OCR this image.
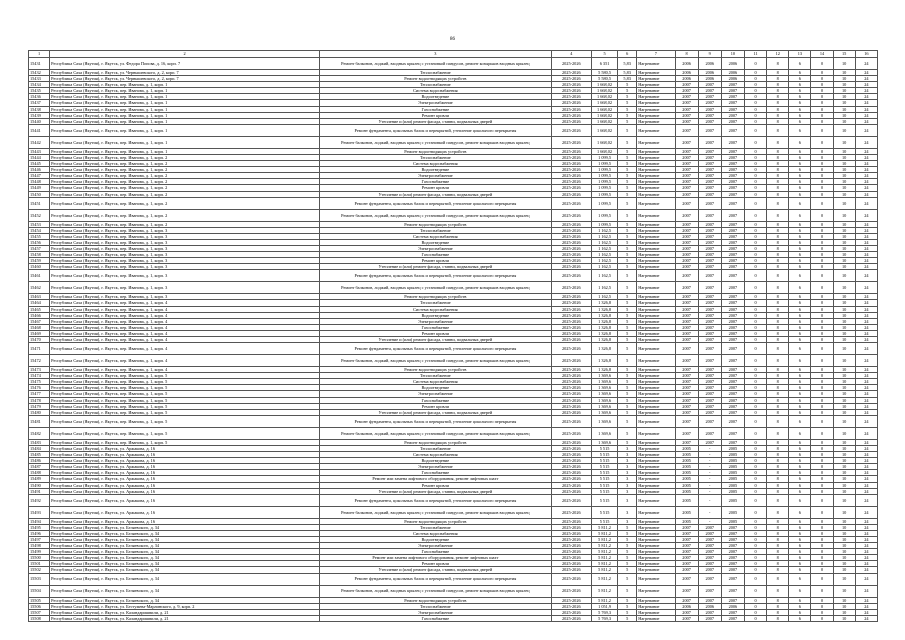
86
1	2	3	4	5	6	7	8	9	10	11	12	13	14	15	16
15431	Республика Саха (Якутия), г. Якутск, ул. Федора Попова, д. 16, корп. 7	Ремонт балконов, лоджий, входных крылец с установкой пандусов, ремонт козырьков входных крылец	2025-2026	6 351	5,83	Нагревание	2006	2006	2006	0	8	6	0	10	24
15432	Республика Саха (Якутия), г. Якутск, ул. Чернышевского, д. 2, корп. 7	Теплоснабжение	2025-2026	5 580,5	5,83	Нагревание	2006	2006	2006	0	8	6	0	10	24
15433	Республика Саха (Якутия), г. Якутск, ул. Чернышевского, д. 2, корп. 7	Ремонт водоотводящих устройств	2025-2026	5 580,5	5,83	Нагревание	2006	2006	2006	0	8	6	0	10	24
15434	Республика Саха (Якутия), г. Якутск, пер. Иванова, д. 1, корп. 1	Теплоснабжение	2025-2026	1 668,02	5	Нагревание	2007	2007	2007	0	8	6	0	10	24
15435	Республика Саха (Якутия), г. Якутск, пер. Иванова, д. 1, корп. 1	Система водоснабжения	2025-2026	1 668,02	5	Нагревание	2007	2007	2007	0	8	6	0	10	24
15436	Республика Саха (Якутия), г. Якутск, пер. Иванова, д. 1, корп. 1	Водоотведение	2025-2026	1 668,02	5	Нагревание	2007	2007	2007	0	8	6	0	10	24
15437	Республика Саха (Якутия), г. Якутск, пер. Иванова, д. 1, корп. 1	Электроснабжение	2025-2026	1 668,02	5	Нагревание	2007	2007	2007	0	8	6	0	10	24
15438	Республика Саха (Якутия), г. Якутск, пер. Иванова, д. 1, корп. 1	Газоснабжение	2025-2026	1 668,02	5	Нагревание	2007	2007	2007	0	8	6	0	10	24
15439	Республика Саха (Якутия), г. Якутск, пер. Иванова, д. 1, корп. 1	Ремонт кровли	2025-2026	1 668,02	5	Нагревание	2007	2007	2007	0	8	6	0	10	24
15440	Республика Саха (Якутия), г. Якутск, пер. Иванова, д. 1, корп. 1	Утепление и (или) ремонт фасада, ставни, подвальных дверей	2025-2026	1 668,02	5	Нагревание	2007	2007	2007	0	8	6	0	10	24
15441	Республика Саха (Якутия), г. Якутск, пер. Иванова, д. 1, корп. 1	Ремонт фундамента, цокольных балок и перекрытий, утепление цокольного перекрытия	2025-2026	1 668,02	5	Нагревание	2007	2007	2007	0	8	6	0	10	24
15442	Республика Саха (Якутия), г. Якутск, пер. Иванова, д. 1, корп. 1	Ремонт балконов, лоджий, входных крылец с установкой пандусов, ремонт козырьков входных крылец	2025-2026	1 668,02	5	Нагревание	2007	2007	2007	0	8	6	0	10	24
15443	Республика Саха (Якутия), г. Якутск, пер. Иванова, д. 1, корп. 1	Ремонт водоотводящих устройств	2025-2026	1 668,02	5	Нагревание	2007	2007	2007	0	8	6	0	10	24
15444	Республика Саха (Якутия), г. Якутск, пер. Иванова, д. 1, корп. 2	Теплоснабжение	2025-2026	1 099,5	5	Нагревание	2007	2007	2007	0	8	6	0	10	24
15445	Республика Саха (Якутия), г. Якутск, пер. Иванова, д. 1, корп. 2	Система водоснабжения	2025-2026	1 099,5	5	Нагревание	2007	2007	2007	0	8	6	0	10	24
15446	Республика Саха (Якутия), г. Якутск, пер. Иванова, д. 1, корп. 2	Водоотведение	2025-2026	1 099,5	5	Нагревание	2007	2007	2007	0	8	6	0	10	24
15447	Республика Саха (Якутия), г. Якутск, пер. Иванова, д. 1, корп. 2	Электроснабжение	2025-2026	1 099,5	5	Нагревание	2007	2007	2007	0	8	6	0	10	24
15448	Республика Саха (Якутия), г. Якутск, пер. Иванова, д. 1, корп. 2	Газоснабжение	2025-2026	1 099,5	5	Нагревание	2007	2007	2007	0	8	6	0	10	24
15449	Республика Саха (Якутия), г. Якутск, пер. Иванова, д. 1, корп. 2	Ремонт кровли	2025-2026	1 099,5	5	Нагревание	2007	2007	2007	0	8	6	0	10	24
15450	Республика Саха (Якутия), г. Якутск, пер. Иванова, д. 1, корп. 2	Утепление и (или) ремонт фасада, ставни, подвальных дверей	2025-2026	1 099,5	5	Нагревание	2007	2007	2007	0	8	6	0	10	24
15451	Республика Саха (Якутия), г. Якутск, пер. Иванова, д. 1, корп. 2	Ремонт фундамента, цокольных балок и перекрытий, утепление цокольного перекрытия	2025-2026	1 099,5	5	Нагревание	2007	2007	2007	0	8	6	0	10	24
15452	Республика Саха (Якутия), г. Якутск, пер. Иванова, д. 1, корп. 2	Ремонт балконов, лоджий, входных крылец с установкой пандусов, ремонт козырьков входных крылец	2025-2026	1 099,5	5	Нагревание	2007	2007	2007	0	8	6	0	10	24
15453	Республика Саха (Якутия), г. Якутск, пер. Иванова, д. 1, корп. 2	Ремонт водоотводящих устройств	2025-2026	1 099,5	5	Нагревание	2007	2007	2007	0	8	6	0	10	24
15454	Республика Саха (Якутия), г. Якутск, пер. Иванова, д. 1, корп. 3	Теплоснабжение	2025-2026	1 162,5	5	Нагревание	2007	2007	2007	0	8	6	0	10	24
15455	Республика Саха (Якутия), г. Якутск, пер. Иванова, д. 1, корп. 3	Система водоснабжения	2025-2026	1 162,5	5	Нагревание	2007	2007	2007	0	8	6	0	10	24
15456	Республика Саха (Якутия), г. Якутск, пер. Иванова, д. 1, корп. 3	Водоотведение	2025-2026	1 162,5	5	Нагревание	2007	2007	2007	0	8	6	0	10	24
15457	Республика Саха (Якутия), г. Якутск, пер. Иванова, д. 1, корп. 3	Электроснабжение	2025-2026	1 162,5	5	Нагревание	2007	2007	2007	0	8	6	0	10	24
15458	Республика Саха (Якутия), г. Якутск, пер. Иванова, д. 1, корп. 3	Газоснабжение	2025-2026	1 162,5	5	Нагревание	2007	2007	2007	0	8	6	0	10	24
15459	Республика Саха (Якутия), г. Якутск, пер. Иванова, д. 1, корп. 3	Ремонт кровли	2025-2026	1 162,5	5	Нагревание	2007	2007	2007	0	8	6	0	10	24
15460	Республика Саха (Якутия), г. Якутск, пер. Иванова, д. 1, корп. 3	Утепление и (или) ремонт фасада, ставни, подвальных дверей	2025-2026	1 162,5	5	Нагревание	2007	2007	2007	0	8	6	0	10	24
15461	Республика Саха (Якутия), г. Якутск, пер. Иванова, д. 1, корп. 3	Ремонт фундамента, цокольных балок и перекрытий, утепление цокольного перекрытия	2025-2026	1 162,5	5	Нагревание	2007	2007	2007	0	8	6	0	10	24
15462	Республика Саха (Якутия), г. Якутск, пер. Иванова, д. 1, корп. 3	Ремонт балконов, лоджий, входных крылец с установкой пандусов, ремонт козырьков входных крылец	2025-2026	1 162,5	5	Нагревание	2007	2007	2007	0	8	6	0	10	24
15463	Республика Саха (Якутия), г. Якутск, пер. Иванова, д. 1, корп. 3	Ремонт водоотводящих устройств	2025-2026	1 162,5	5	Нагревание	2007	2007	2007	0	8	6	0	10	24
15464	Республика Саха (Якутия), г. Якутск, пер. Иванова, д. 1, корп. 4	Теплоснабжение	2025-2026	1 326,8	5	Нагревание	2007	2007	2007	0	8	6	0	10	24
15465	Республика Саха (Якутия), г. Якутск, пер. Иванова, д. 1, корп. 4	Система водоснабжения	2025-2026	1 326,8	5	Нагревание	2007	2007	2007	0	8	6	0	10	24
15466	Республика Саха (Якутия), г. Якутск, пер. Иванова, д. 1, корп. 4	Водоотведение	2025-2026	1 326,8	5	Нагревание	2007	2007	2007	0	8	6	0	10	24
15467	Республика Саха (Якутия), г. Якутск, пер. Иванова, д. 1, корп. 4	Электроснабжение	2025-2026	1 326,8	5	Нагревание	2007	2007	2007	0	8	6	0	10	24
15468	Республика Саха (Якутия), г. Якутск, пер. Иванова, д. 1, корп. 4	Газоснабжение	2025-2026	1 326,8	5	Нагревание	2007	2007	2007	0	8	6	0	10	24
15469	Республика Саха (Якутия), г. Якутск, пер. Иванова, д. 1, корп. 4	Ремонт кровли	2025-2026	1 326,8	5	Нагревание	2007	2007	2007	0	8	6	0	10	24
15470	Республика Саха (Якутия), г. Якутск, пер. Иванова, д. 1, корп. 4	Утепление и (или) ремонт фасада, ставни, подвальных дверей	2025-2026	1 326,8	5	Нагревание	2007	2007	2007	0	8	6	0	10	24
15471	Республика Саха (Якутия), г. Якутск, пер. Иванова, д. 1, корп. 4	Ремонт фундамента, цокольных балок и перекрытий, утепление цокольного перекрытия	2025-2026	1 326,8	5	Нагревание	2007	2007	2007	0	8	6	0	10	24
15472	Республика Саха (Якутия), г. Якутск, пер. Иванова, д. 1, корп. 4	Ремонт балконов, лоджий, входных крылец с установкой пандусов, ремонт козырьков входных крылец	2025-2026	1 326,8	5	Нагревание	2007	2007	2007	0	8	6	0	10	24
15473	Республика Саха (Якутия), г. Якутск, пер. Иванова, д. 1, корп. 4	Ремонт водоотводящих устройств	2025-2026	1 326,8	5	Нагревание	2007	2007	2007	0	8	6	0	10	24
15474	Республика Саха (Якутия), г. Якутск, пер. Иванова, д. 1, корп. 5	Теплоснабжение	2025-2026	1 369,6	5	Нагревание	2007	2007	2007	0	8	6	0	10	24
15475	Республика Саха (Якутия), г. Якутск, пер. Иванова, д. 1, корп. 5	Система водоснабжения	2025-2026	1 369,6	5	Нагревание	2007	2007	2007	0	8	6	0	10	24
15476	Республика Саха (Якутия), г. Якутск, пер. Иванова, д. 1, корп. 5	Водоотведение	2025-2026	1 369,6	5	Нагревание	2007	2007	2007	0	8	6	0	10	24
15477	Республика Саха (Якутия), г. Якутск, пер. Иванова, д. 1, корп. 5	Электроснабжение	2025-2026	1 369,6	5	Нагревание	2007	2007	2007	0	8	6	0	10	24
15478	Республика Саха (Якутия), г. Якутск, пер. Иванова, д. 1, корп. 5	Газоснабжение	2025-2026	1 369,6	5	Нагревание	2007	2007	2007	0	8	6	0	10	24
15479	Республика Саха (Якутия), г. Якутск, пер. Иванова, д. 1, корп. 5	Ремонт кровли	2025-2026	1 369,6	5	Нагревание	2007	2007	2007	0	8	6	0	10	24
15480	Республика Саха (Якутия), г. Якутск, пер. Иванова, д. 1, корп. 5	Утепление и (или) ремонт фасада, ставни, подвальных дверей	2025-2026	1 369,6	5	Нагревание	2007	2007	2007	0	8	6	0	10	24
15481	Республика Саха (Якутия), г. Якутск, пер. Иванова, д. 1, корп. 5	Ремонт фундамента, цокольных балок и перекрытий, утепление цокольного перекрытия	2025-2026	1 369,6	5	Нагревание	2007	2007	2007	0	8	6	0	10	24
15482	Республика Саха (Якутия), г. Якутск, пер. Иванова, д. 1, корп. 5	Ремонт балконов, лоджий, входных крылец с установкой пандусов, ремонт козырьков входных крылец	2025-2026	1 369,6	5	Нагревание	2007	2007	2007	0	8	6	0	10	24
15483	Республика Саха (Якутия), г. Якутск, пер. Иванова, д. 1, корп. 5	Ремонт водоотводящих устройств	2025-2026	1 369,6	5	Нагревание	2007	2007	2007	0	8	6	0	10	24
15484	Республика Саха (Якутия), г. Якутск, ул. Аржакова, д. 16	Теплоснабжение	2025-2026	5 515	3	Нагревание	2005	-	2005	0	8	6	0	10	24
15485	Республика Саха (Якутия), г. Якутск, ул. Аржакова, д. 16	Система водоснабжения	2025-2026	5 515	3	Нагревание	2005	-	2005	0	8	6	0	10	24
15486	Республика Саха (Якутия), г. Якутск, ул. Аржакова, д. 16	Водоотведение	2025-2026	5 515	3	Нагревание	2005	-	2005	0	8	6	0	10	24
15487	Республика Саха (Якутия), г. Якутск, ул. Аржакова, д. 16	Электроснабжение	2025-2026	5 515	3	Нагревание	2005	-	2005	0	8	6	0	10	24
15488	Республика Саха (Якутия), г. Якутск, ул. Аржакова, д. 16	Газоснабжение	2025-2026	5 515	3	Нагревание	2005	-	2005	0	8	6	0	10	24
15489	Республика Саха (Якутия), г. Якутск, ул. Аржакова, д. 16	Ремонт или замена лифтового оборудования, ремонт лифтовых шахт	2025-2026	5 515	3	Нагревание	2005	-	2005	0	8	6	0	10	24
15490	Республика Саха (Якутия), г. Якутск, ул. Аржакова, д. 16	Ремонт кровли	2025-2026	5 515	3	Нагревание	2005	-	2005	0	8	6	0	10	24
15491	Республика Саха (Якутия), г. Якутск, ул. Аржакова, д. 16	Утепление и (или) ремонт фасада, ставни, подвальных дверей	2025-2026	5 515	3	Нагревание	2005	-	2005	0	8	6	0	10	24
15492	Республика Саха (Якутия), г. Якутск, ул. Аржакова, д. 16	Ремонт фундамента, цокольных балок и перекрытий, утепление цокольного перекрытия	2025-2026	5 515	3	Нагревание	2005	-	2005	0	8	6	0	10	24
15493	Республика Саха (Якутия), г. Якутск, ул. Аржакова, д. 16	Ремонт балконов, лоджий, входных крылец с установкой пандусов, ремонт козырьков входных крылец	2025-2026	5 515	3	Нагревание	2005	-	2005	0	8	6	0	10	24
15494	Республика Саха (Якутия), г. Якутск, ул. Аржакова, д. 16	Ремонт водоотводящих устройств	2025-2026	5 515	3	Нагревание	2005	-	2005	0	8	6	0	10	24
15495	Республика Саха (Якутия), г. Якутск, ул. Беляевского, д. 34	Теплоснабжение	2025-2026	5 811,2	5	Нагревание	2007	2007	2007	0	8	6	0	10	24
15496	Республика Саха (Якутия), г. Якутск, ул. Беляевского, д. 34	Система водоснабжения	2025-2026	5 811,2	5	Нагревание	2007	2007	2007	0	8	6	0	10	24
15497	Республика Саха (Якутия), г. Якутск, ул. Беляевского, д. 34	Водоотведение	2025-2026	5 811,2	5	Нагревание	2007	2007	2007	0	8	6	0	10	24
15498	Республика Саха (Якутия), г. Якутск, ул. Беляевского, д. 34	Электроснабжение	2025-2026	5 811,2	5	Нагревание	2007	2007	2007	0	8	6	0	10	24
15499	Республика Саха (Якутия), г. Якутск, ул. Беляевского, д. 34	Газоснабжение	2025-2026	5 811,2	5	Нагревание	2007	2007	2007	0	8	6	0	10	24
15500	Республика Саха (Якутия), г. Якутск, ул. Беляевского, д. 34	Ремонт или замена лифтового оборудования, ремонт лифтовых шахт	2025-2026	5 811,2	5	Нагревание	2007	2007	2007	0	8	6	0	10	24
15501	Республика Саха (Якутия), г. Якутск, ул. Беляевского, д. 34	Ремонт кровли	2025-2026	5 811,2	5	Нагревание	2007	2007	2007	0	8	6	0	10	24
15502	Республика Саха (Якутия), г. Якутск, ул. Беляевского, д. 34	Утепление и (или) ремонт фасада, ставни, подвальных дверей	2025-2026	5 811,2	5	Нагревание	2007	2007	2007	0	8	6	0	10	24
15503	Республика Саха (Якутия), г. Якутск, ул. Беляевского, д. 34	Ремонт фундамента, цокольных балок и перекрытий, утепление цокольного перекрытия	2025-2026	5 811,2	5	Нагревание	2007	2007	2007	0	8	6	0	10	24
15504	Республика Саха (Якутия), г. Якутск, ул. Беляевского, д. 34	Ремонт балконов, лоджий, входных крылец с установкой пандусов, ремонт козырьков входных крылец	2025-2026	5 811,2	5	Нагревание	2007	2007	2007	0	8	6	0	10	24
15505	Республика Саха (Якутия), г. Якутск, ул. Беляевского, д. 34	Ремонт водоотводящих устройств	2025-2026	5 811,2	5	Нагревание	2007	2007	2007	0	8	6	0	10	24
15506	Республика Саха (Якутия), г. Якутск, ул. Бестужева-Марлинского, д. 9, корп. 2	Теплоснабжение	2025-2026	1 051,9	5	Нагревание	2006	2006	2006	0	8	6	0	10	24
15507	Республика Саха (Якутия), г. Якутск, ул. Каландаришвили, д. 21	Электроснабжение	2025-2026	5 769,3	5	Нагревание	2007	2007	2007	0	8	6	0	10	24
15508	Республика Саха (Якутия), г. Якутск, ул. Каландаришвили, д. 21	Газоснабжение	2025-2026	5 769,3	5	Нагревание	2007	2007	2007	0	8	6	0	10	24
